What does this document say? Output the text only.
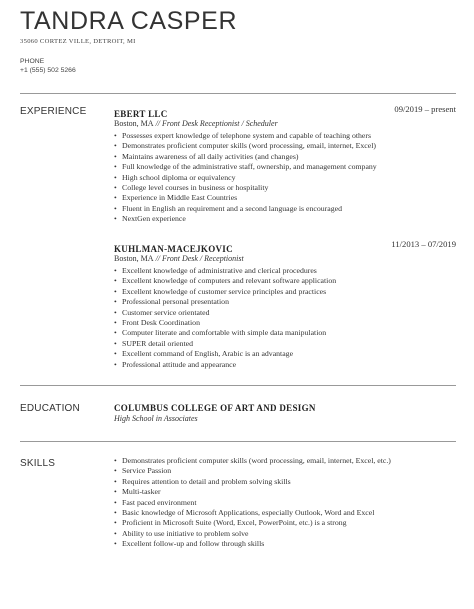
TANDRA CASPER
35060 CORTEZ VILLE, DETROIT, MI
PHONE
+1 (555) 502 5266
EXPERIENCE	EBERT LLC	09/2019 – present
Boston, MA // Front Desk Receptionist / Scheduler
• Possesses expert knowledge of telephone system and capable of teaching others
• Demonstrates proficient computer skills (word processing, email, internet, Excel)
• Maintains awareness of all daily activities (and changes)
• Full knowledge of the administrative staff, ownership, and management company
• High school diploma or equivalency
• College level courses in business or hospitality
• Experience in Middle East Countries
• Fluent in English an requirement and a second language is encouraged
• NextGen experience
KUHLMAN-MACEJKOVIC	11/2013 – 07/2019
Boston, MA // Front Desk / Receptionist
• Excellent knowledge of administrative and clerical procedures
• Excellent knowledge of computers and relevant software application
• Excellent knowledge of customer service principles and practices
• Professional personal presentation
• Customer service orientated
• Front Desk Coordination
• Computer literate and comfortable with simple data manipulation
• SUPER detail oriented
• Excellent command of English, Arabic is an advantage
• Professional attitude and appearance
EDUCATION	COLUMBUS COLLEGE OF ART AND DESIGN
High School in Associates
SKILLS
•	Demonstrates proficient computer skills (word processing, email, internet, Excel, etc.)
• Service Passion
• Requires attention to detail and problem solving skills
• Multi-tasker
• Fast paced environment
• Basic knowledge of Microsoft Applications, especially Outlook, Word and Excel
• Proficient in Microsoft Suite (Word, Excel, PowerPoint, etc.) is a strong
• Ability to use initiative to problem solve
• Excellent follow-up and follow through skills
